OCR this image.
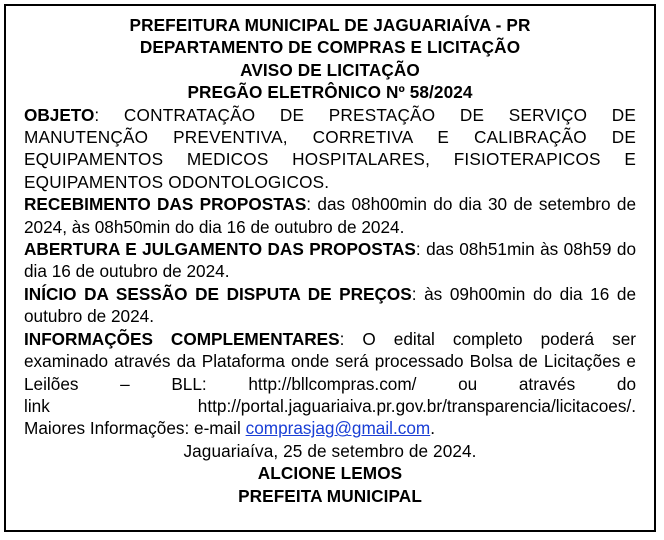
PREFEITURA MUNICIPAL DE JAGUARIAÍVA - PR

DEPARTAMENTO DE COMPRAS E LICITAÇÃO

AVISO DE LICITAÇÃO

PREGÃO ELETRÔNICO Nº 58/2024

OBJETO: CONTRATAÇÃO DE PRESTAÇÃO DE SERVIÇO DE MANUTENÇÃO PREVENTIVA, CORRETIVA E CALIBRAÇÃO DE EQUIPAMENTOS MEDICOS HOSPITALARES, FISIOTERAPICOS E EQUIPAMENTOS ODONTOLOGICOS.

RECEBIMENTO DAS PROPOSTAS: das 08h00min do dia 30 de setembro de 2024, às 08h50min do dia 16 de outubro de 2024.

ABERTURA E JULGAMENTO DAS PROPOSTAS: das 08h51min às 08h59 do dia 16 de outubro de 2024.

INÍCIO DA SESSÃO DE DISPUTA DE PREÇOS: às 09h00min do dia 16 de outubro de 2024.

INFORMAÇÕES COMPLEMENTARES: O edital completo poderá ser examinado através da Plataforma onde será processado Bolsa de Licitações e Leilões – BLL: http://bllcompras.com/ ou através do

link	http://portal.jaguariaiva.pr.gov.br/transparencia/licitacoes/.

Maiores Informações: e-mail comprasjag@gmail.com.

Jaguariaíva, 25 de setembro de 2024.

ALCIONE LEMOS

PREFEITA MUNICIPAL
